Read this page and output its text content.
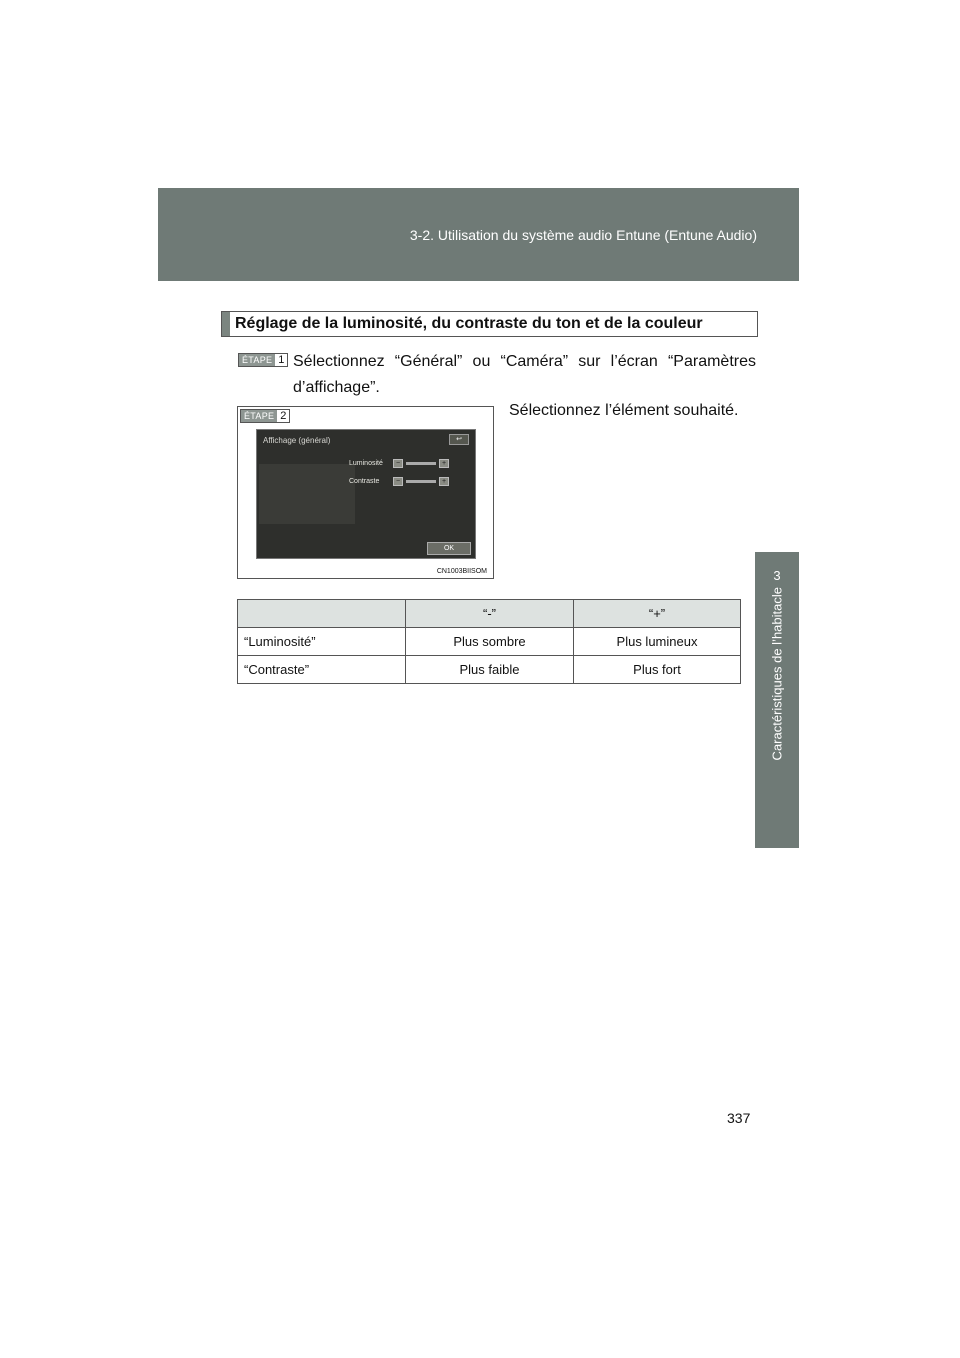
3-2. Utilisation du système audio Entune (Entune Audio)
3
Caractéristiques de l’habitacle
Réglage de la luminosité, du contraste du ton et de la couleur
ÉTAPE 1 Sélectionnez “Général” ou “Caméra” sur l’écran “Paramètres d’affichage”.
ÉTAPE 2
Affichage (général)	↩
Luminosité	−	+
Contraste	−	+
OK
CN1003BIISOM
Sélectionnez l’élément souhaité.
	“-”	“+”
“Luminosité”	Plus sombre	Plus lumineux
“Contraste”	Plus faible	Plus fort
337
